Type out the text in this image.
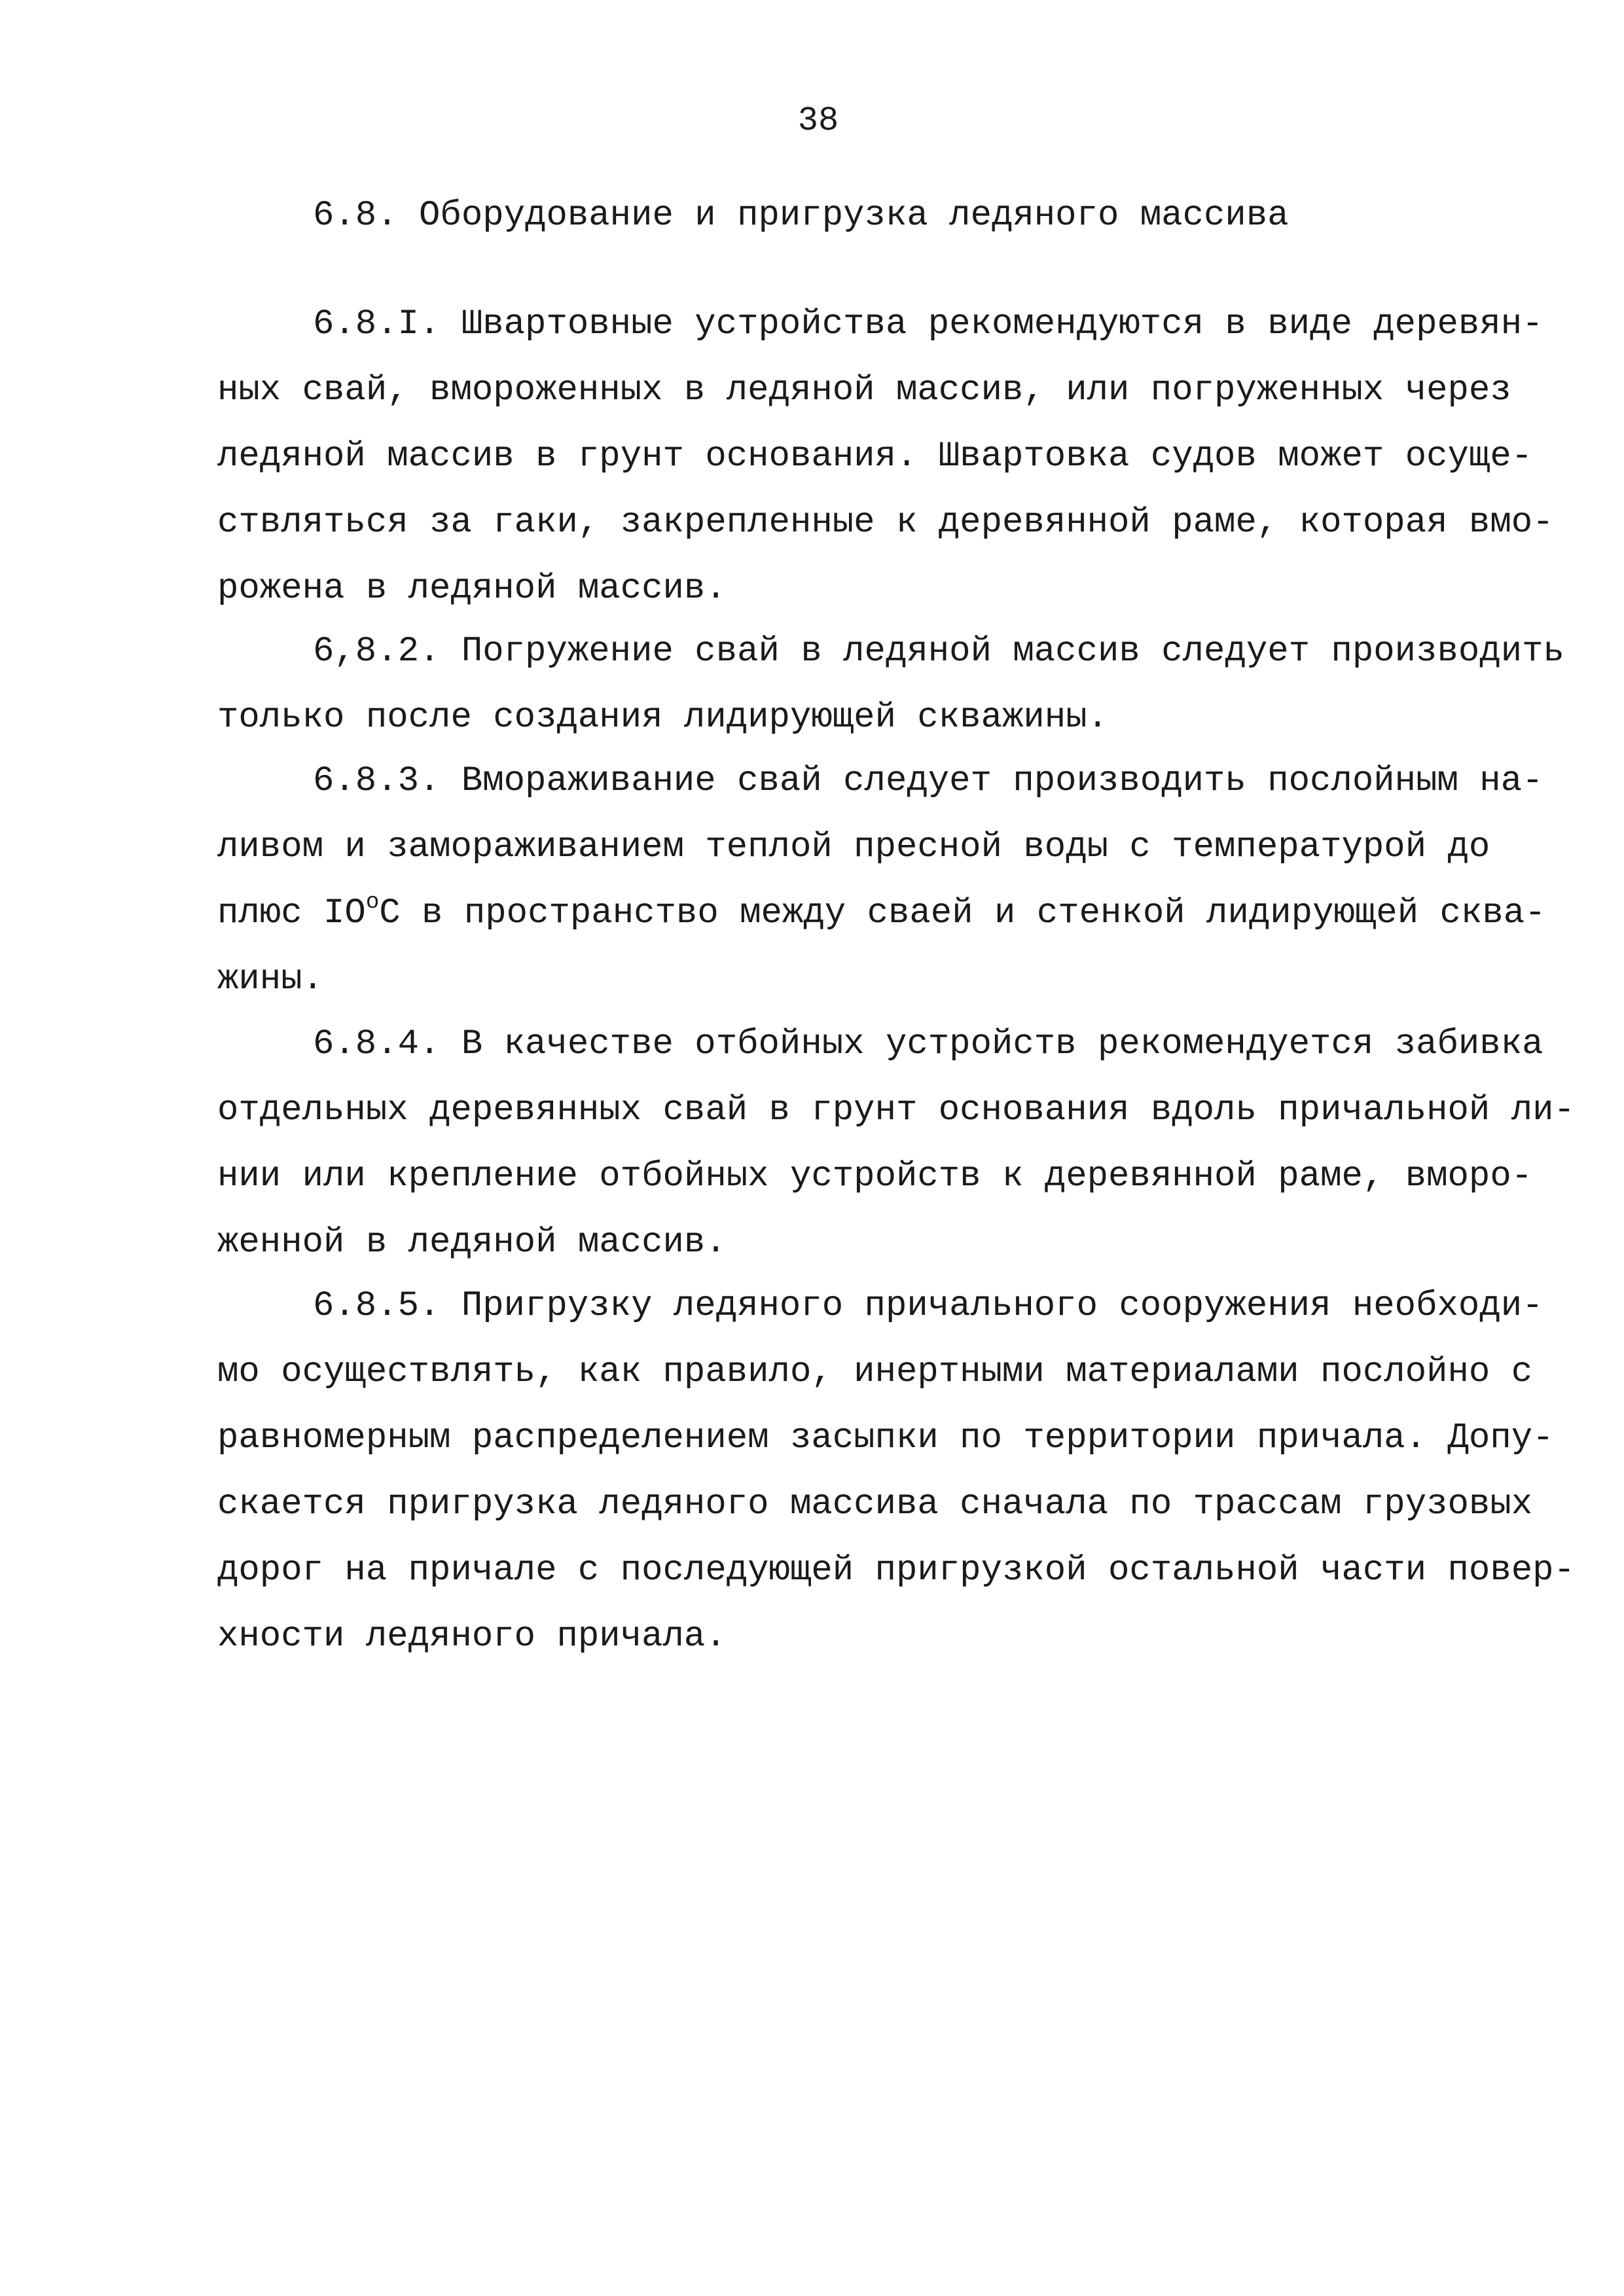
38
6.8. Оборудование и пригрузка ледяного массива
6.8.I. Швартовные устройства рекомендуются в виде деревян-
ных свай, вмороженных в ледяной массив, или погруженных через
ледяной массив в грунт основания. Швартовка судов может осуще-
ствляться за гаки, закрепленные к деревянной раме, которая вмо-
рожена в ледяной массив.
6,8.2. Погружение свай в ледяной массив следует производить
только после создания лидирующей скважины.
6.8.3. Вмораживание свай следует производить послойным на-
ливом и замораживанием теплой пресной воды с температурой до
плюс $IO^oC$ в пространство между сваей и стенкой лидирующей сква-
жины.
6.8.4. В качестве отбойных устройств рекомендуется забивка
отдельных деревянных свай в грунт основания вдоль причальной ли-
нии или крепление отбойных устройств к деревянной раме, вморо-
женной в ледяной массив.
6.8.5. Пригрузку ледяного причального сооружения необходи-
мо осуществлять, как правило, инертными материалами послойно с
равномерным распределением засыпки по территории причала. Допу-
скается пригрузка ледяного массива сначала по трассам грузовых
дорог на причале с последующей пригрузкой остальной части повер-
хности ледяного причала.
